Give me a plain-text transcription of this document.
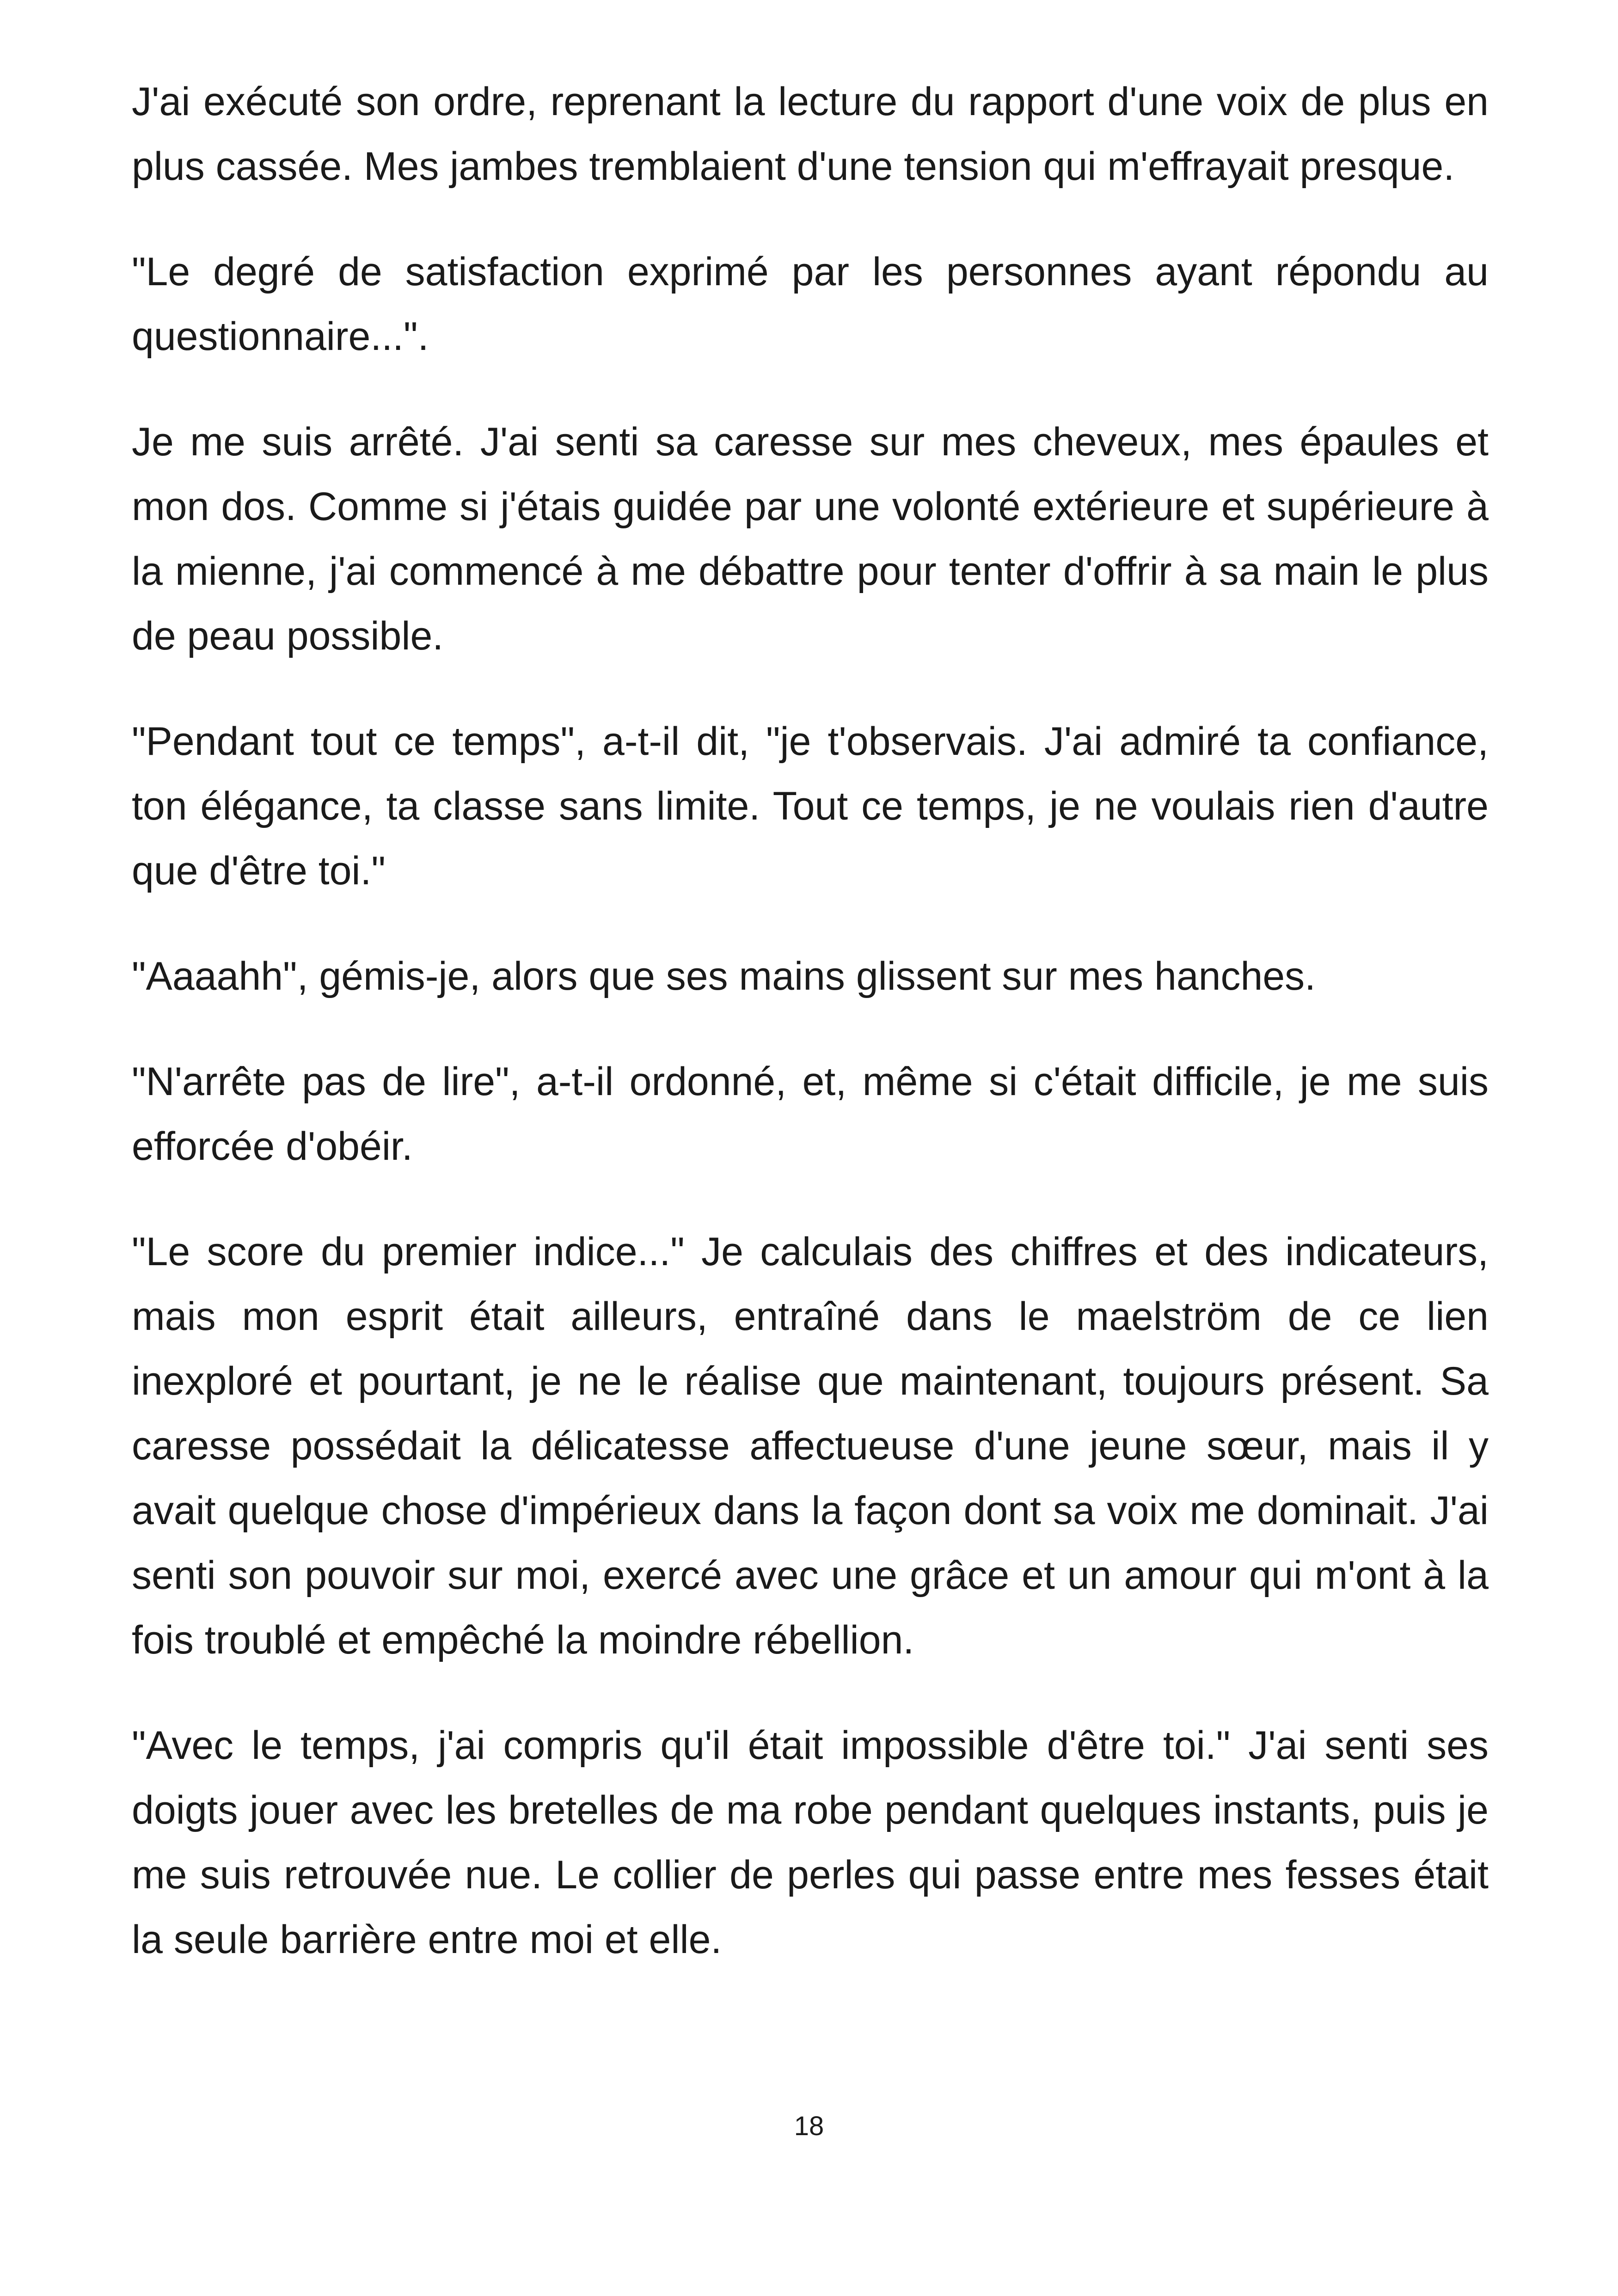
J'ai exécuté son ordre, reprenant la lecture du rapport d'une voix de plus en plus cassée. Mes jambes tremblaient d'une tension qui m'effrayait presque.

"Le degré de satisfaction exprimé par les personnes ayant répondu au questionnaire...".

Je me suis arrêté. J'ai senti sa caresse sur mes cheveux, mes épaules et mon dos. Comme si j'étais guidée par une volonté extérieure et supérieure à la mienne, j'ai commencé à me débattre pour tenter d'offrir à sa main le plus de peau possible.

"Pendant tout ce temps", a-t-il dit, "je t'observais. J'ai admiré ta confiance, ton élégance, ta classe sans limite. Tout ce temps, je ne voulais rien d'autre que d'être toi."

"Aaaahh", gémis-je, alors que ses mains glissent sur mes hanches.

"N'arrête pas de lire", a-t-il ordonné, et, même si c'était difficile, je me suis efforcée d'obéir.

"Le score du premier indice..." Je calculais des chiffres et des indicateurs, mais mon esprit était ailleurs, entraîné dans le maelström de ce lien inexploré et pourtant, je ne le réalise que maintenant, toujours présent. Sa caresse possédait la délicatesse affectueuse d'une jeune sœur, mais il y avait quelque chose d'impérieux dans la façon dont sa voix me dominait. J'ai senti son pouvoir sur moi, exercé avec une grâce et un amour qui m'ont à la fois troublé et empêché la moindre rébellion.

"Avec le temps, j'ai compris qu'il était impossible d'être toi." J'ai senti ses doigts jouer avec les bretelles de ma robe pendant quelques instants, puis je me suis retrouvée nue. Le collier de perles qui passe entre mes fesses était la seule barrière entre moi et elle.

18
